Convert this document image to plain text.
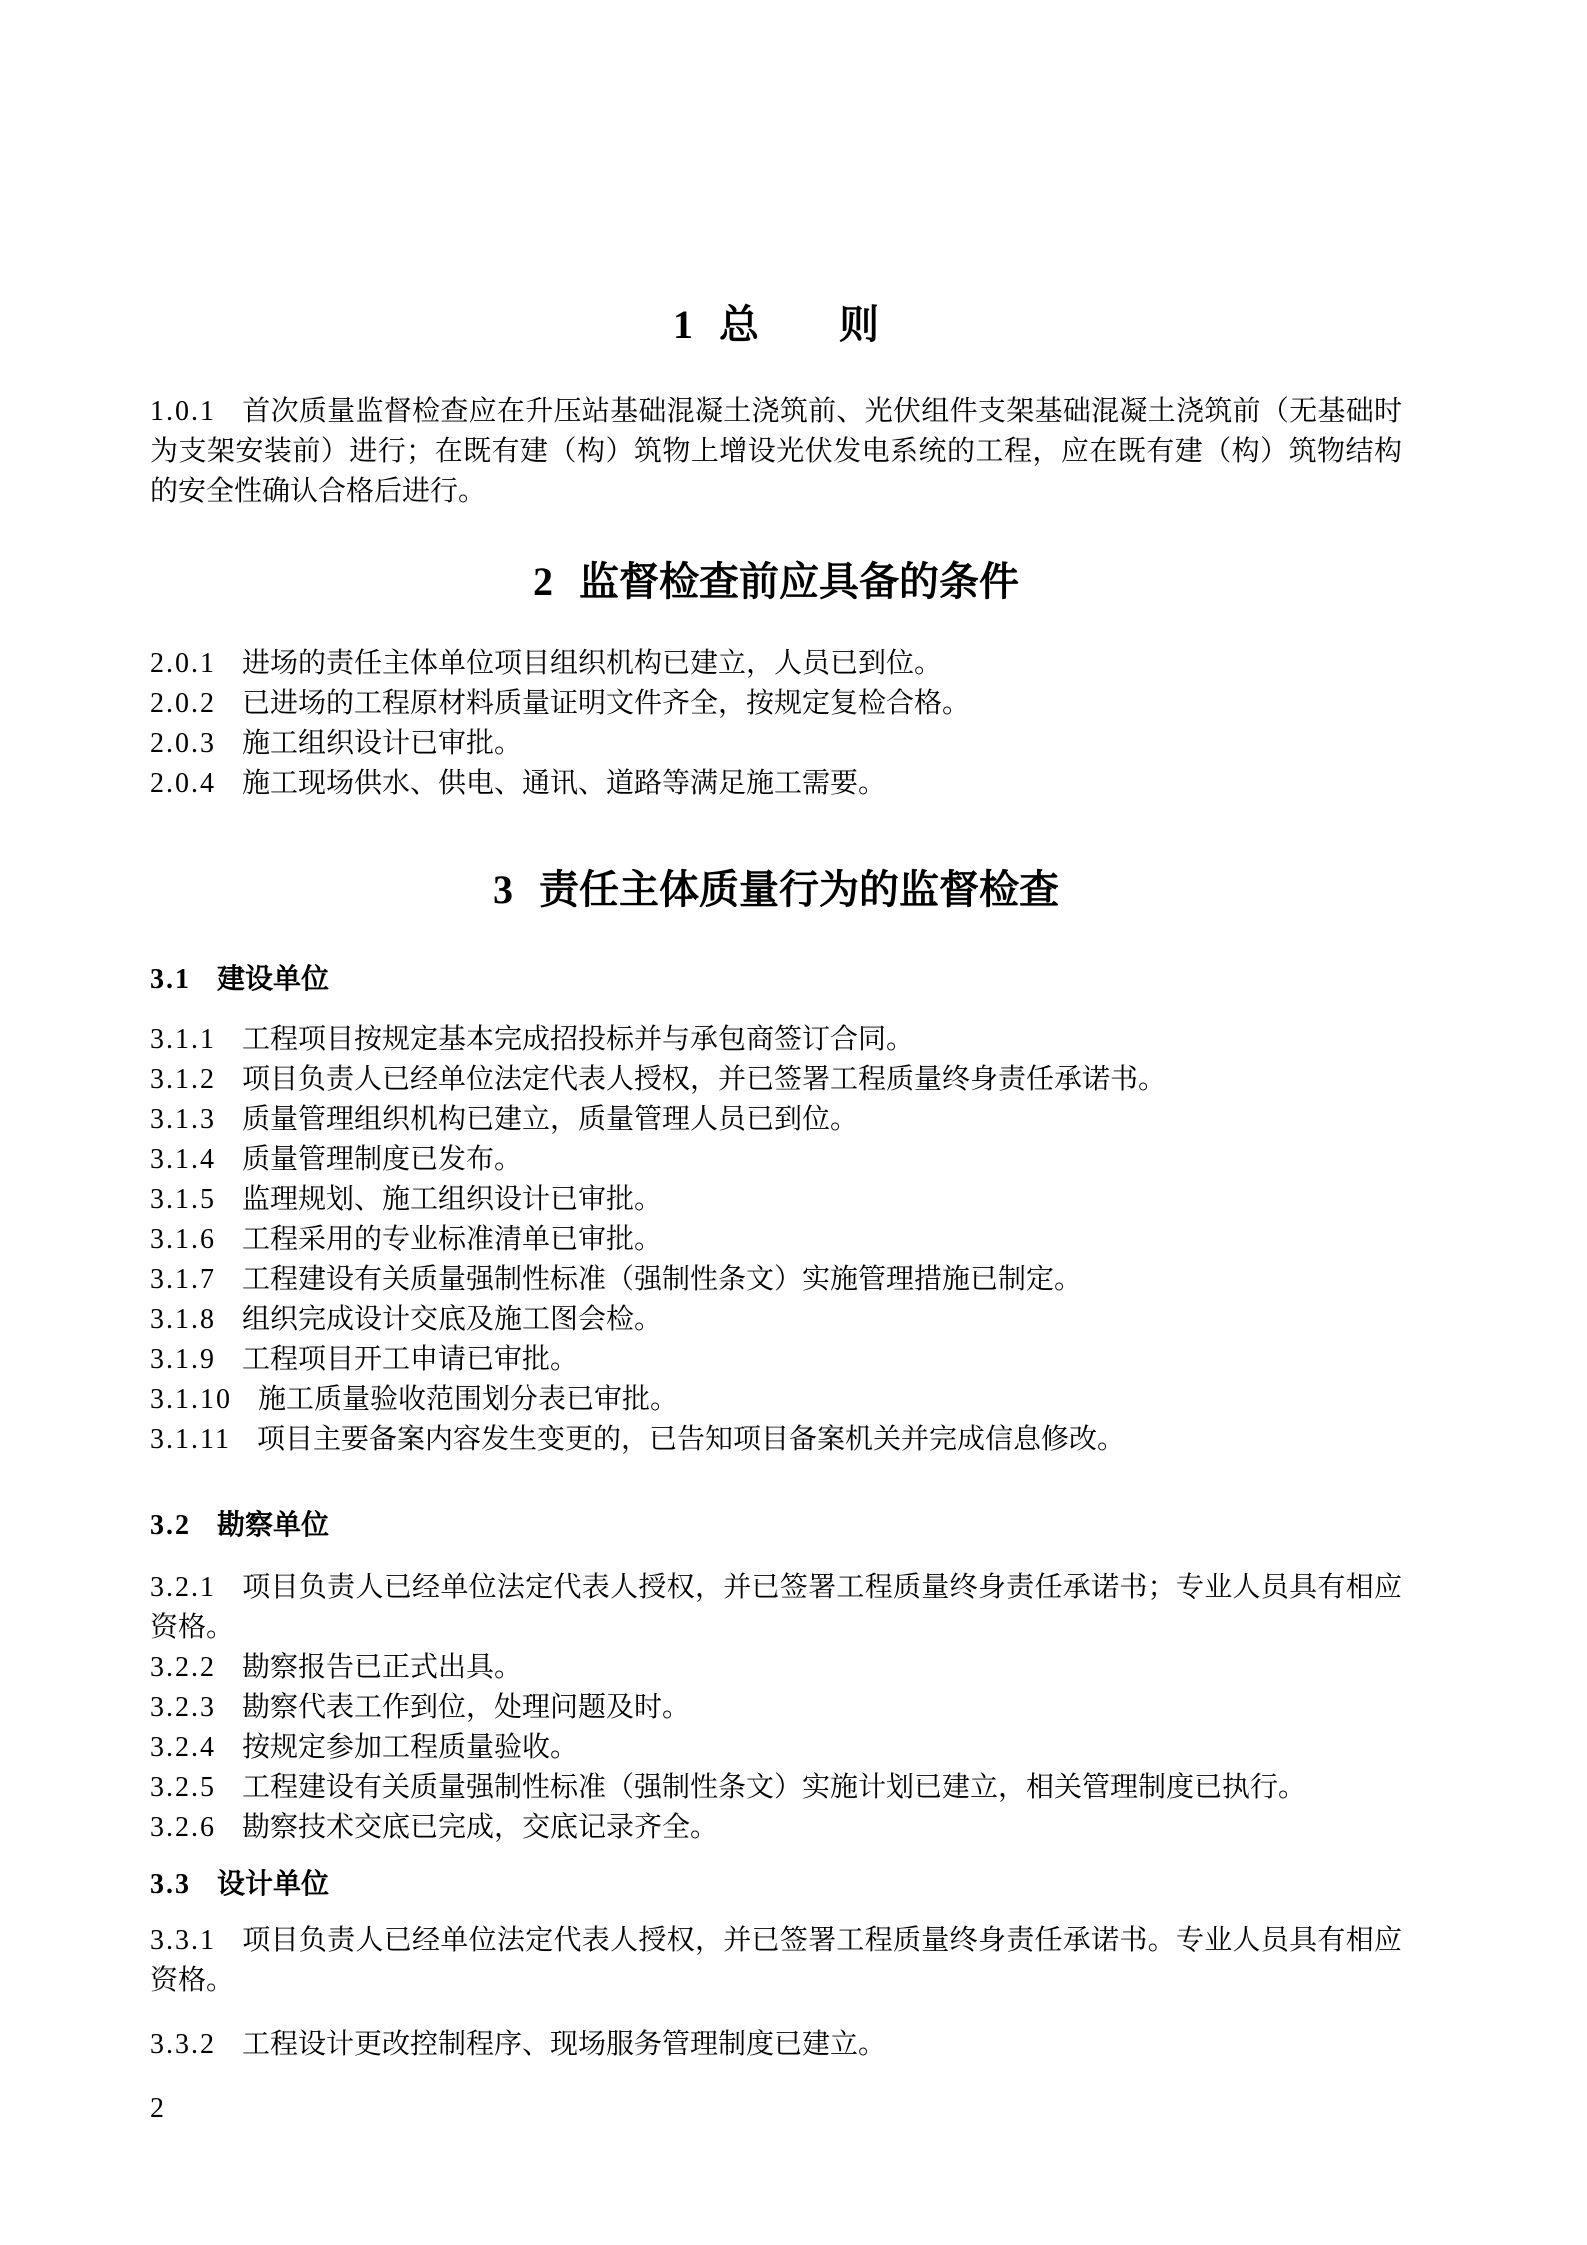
1 总　　则

1.0.1 首次质量监督检查应在升压站基础混凝土浇筑前、光伏组件支架基础混凝土浇筑前（无基础时为支架安装前）进行；在既有建（构）筑物上增设光伏发电系统的工程，应在既有建（构）筑物结构的安全性确认合格后进行。

2 监督检查前应具备的条件

2.0.1 进场的责任主体单位项目组织机构已建立，人员已到位。

2.0.2 已进场的工程原材料质量证明文件齐全，按规定复检合格。

2.0.3 施工组织设计已审批。

2.0.4 施工现场供水、供电、通讯、道路等满足施工需要。

3 责任主体质量行为的监督检查
3.1 建设单位

3.1.1 工程项目按规定基本完成招投标并与承包商签订合同。

3.1.2 项目负责人已经单位法定代表人授权，并已签署工程质量终身责任承诺书。

3.1.3 质量管理组织机构已建立，质量管理人员已到位。

3.1.4 质量管理制度已发布。

3.1.5 监理规划、施工组织设计已审批。

3.1.6 工程采用的专业标准清单已审批。

3.1.7 工程建设有关质量强制性标准（强制性条文）实施管理措施已制定。

3.1.8 组织完成设计交底及施工图会检。

3.1.9 工程项目开工申请已审批。

3.1.10 施工质量验收范围划分表已审批。

3.1.11 项目主要备案内容发生变更的，已告知项目备案机关并完成信息修改。

3.2 勘察单位

3.2.1 项目负责人已经单位法定代表人授权，并已签署工程质量终身责任承诺书；专业人员具有相应资格。

3.2.2 勘察报告已正式出具。

3.2.3 勘察代表工作到位，处理问题及时。

3.2.4 按规定参加工程质量验收。

3.2.5 工程建设有关质量强制性标准（强制性条文）实施计划已建立，相关管理制度已执行。

3.2.6 勘察技术交底已完成，交底记录齐全。

3.3 设计单位

3.3.1 项目负责人已经单位法定代表人授权，并已签署工程质量终身责任承诺书。专业人员具有相应资格。

3.3.2 工程设计更改控制程序、现场服务管理制度已建立。

2
